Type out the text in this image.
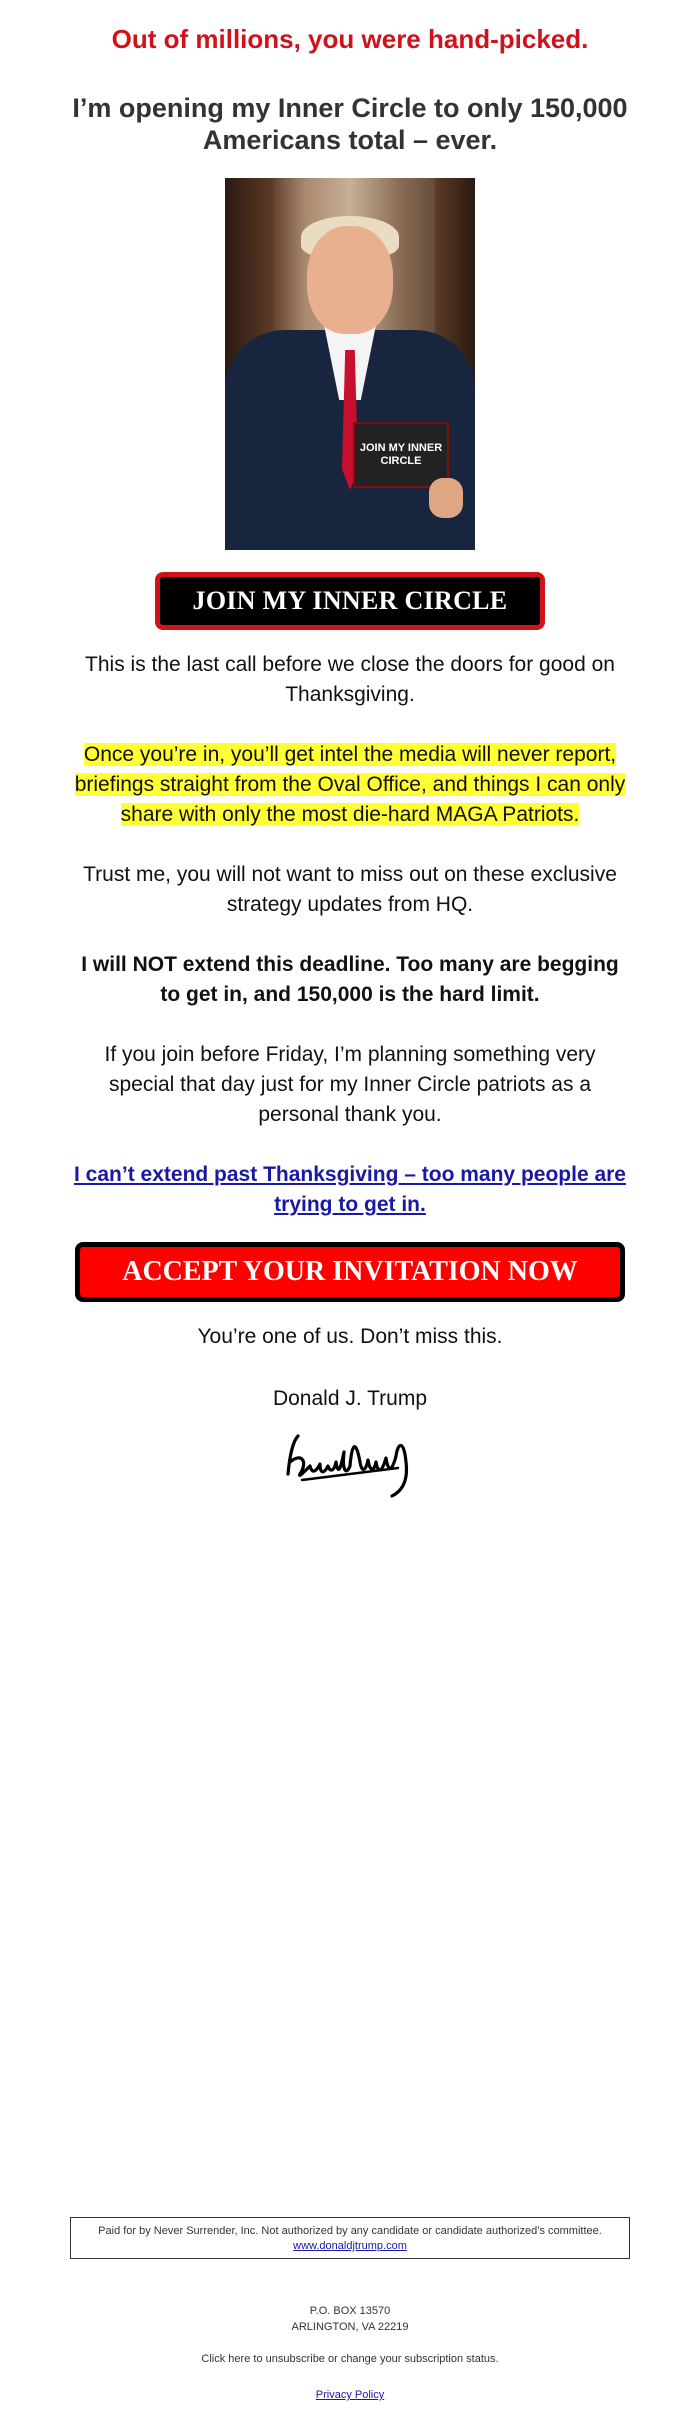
Out of millions, you were hand-picked.

I’m opening my Inner Circle to only 150,000 Americans total – ever.

JOIN MY INNER CIRCLE
JOIN MY INNER CIRCLE

This is the last call before we close the doors for good on Thanksgiving.

Once you’re in, you’ll get intel the media will never report, briefings straight from the Oval Office, and things I can only share with only the most die-hard MAGA Patriots.

Trust me, you will not want to miss out on these exclusive strategy updates from HQ.

I will NOT extend this deadline. Too many are begging to get in, and 150,000 is the hard limit.

If you join before Friday, I’m planning something very special that day just for my Inner Circle patriots as a personal thank you.

I can’t extend past Thanksgiving – too many people are trying to get in.

ACCEPT YOUR INVITATION NOW

You’re one of us. Don’t miss this.

Donald J. Trump

Paid for by Never Surrender, Inc. Not authorized by any candidate or candidate authorized’s committee.
www.donaldjtrump.com
P.O. BOX 13570
ARLINGTON, VA 22219
Click here to unsubscribe or change your subscription status.
Privacy Policy
